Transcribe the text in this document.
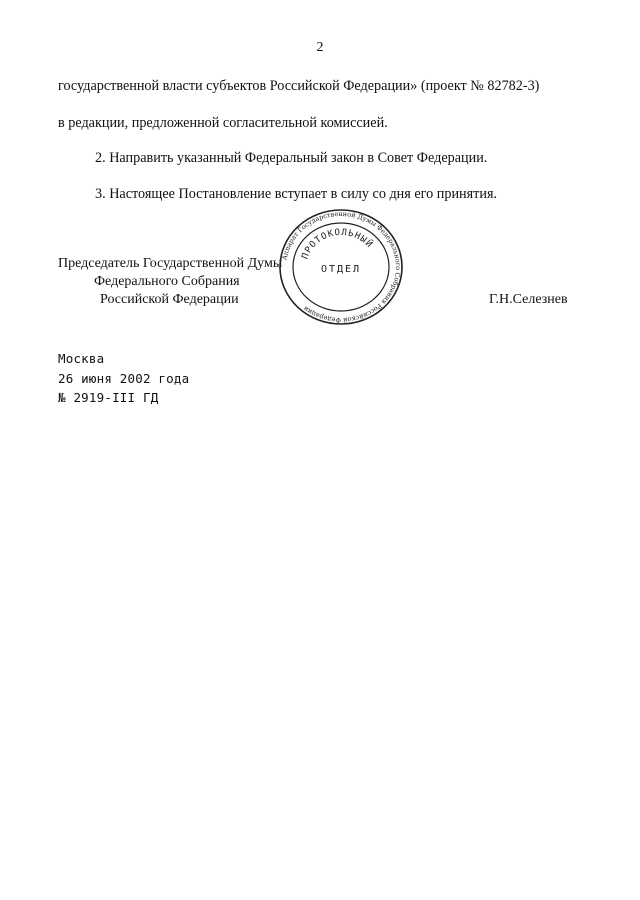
2
государственной власти субъектов Российской Федерации» (проект № 82782-3)
в редакции, предложенной согласительной комиссией.
2. Направить указанный Федеральный закон в Совет Федерации.
3. Настоящее Постановление вступает в силу со дня его принятия.
Председатель Государственной Думы
Федерального Собрания
Российской Федерации	Г.Н.Селезнев
Аппарат Государственной Думы Федерального Собрания Российской Федерации
ПРОТОКОЛЬНЫЙ
ОТДЕЛ
Москва
26 июня 2002 года
№ 2919-III ГД
